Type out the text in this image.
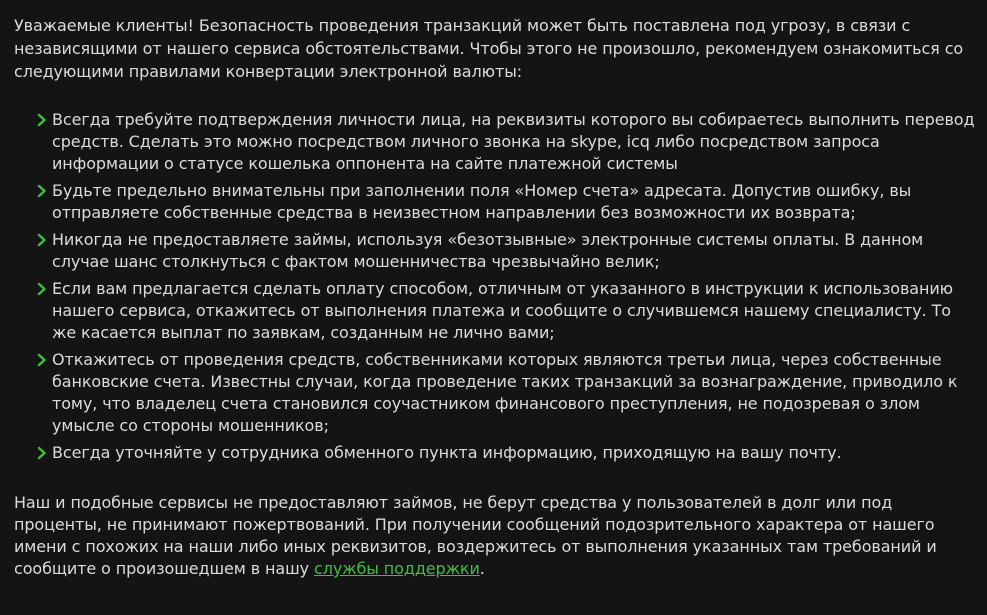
Уважаемые клиенты! Безопасность проведения транзакций может быть поставлена под угрозу, в связи с независящими от нашего сервиса обстоятельствами. Чтобы этого не произошло, рекомендуем ознакомиться со следующими правилами конвертации электронной валюты:

Всегда требуйте подтверждения личности лица, на реквизиты которого вы собираетесь выполнить перевод средств. Сделать это можно посредством личного звонка на skype, icq либо посредством запроса информации о статусе кошелька оппонента на сайте платежной системы
Будьте предельно внимательны при заполнении поля «Номер счета» адресата. Допустив ошибку, вы отправляете собственные средства в неизвестном направлении без возможности их возврата;
Никогда не предоставляете займы, используя «безотзывные» электронные системы оплаты. В данном случае шанс столкнуться с фактом мошенничества чрезвычайно велик;
Если вам предлагается сделать оплату способом, отличным от указанного в инструкции к использованию нашего сервиса, откажитесь от выполнения платежа и сообщите о случившемся нашему специалисту. То же касается выплат по заявкам, созданным не лично вами;
Откажитесь от проведения средств, собственниками которых являются третьи лица, через собственные банковские счета. Известны случаи, когда проведение таких транзакций за вознаграждение, приводило к тому, что владелец счета становился соучастником финансового преступления, не подозревая о злом умысле со стороны мошенников;
Всегда уточняйте у сотрудника обменного пункта информацию, приходящую на вашу почту.

Наш и подобные сервисы не предоставляют займов, не берут средства у пользователей в долг или под проценты, не принимают пожертвований. При получении сообщений подозрительного характера от нашего имени с похожих на наши либо иных реквизитов, воздержитесь от выполнения указанных там требований и сообщите о произошедшем в нашу службы поддержки.
